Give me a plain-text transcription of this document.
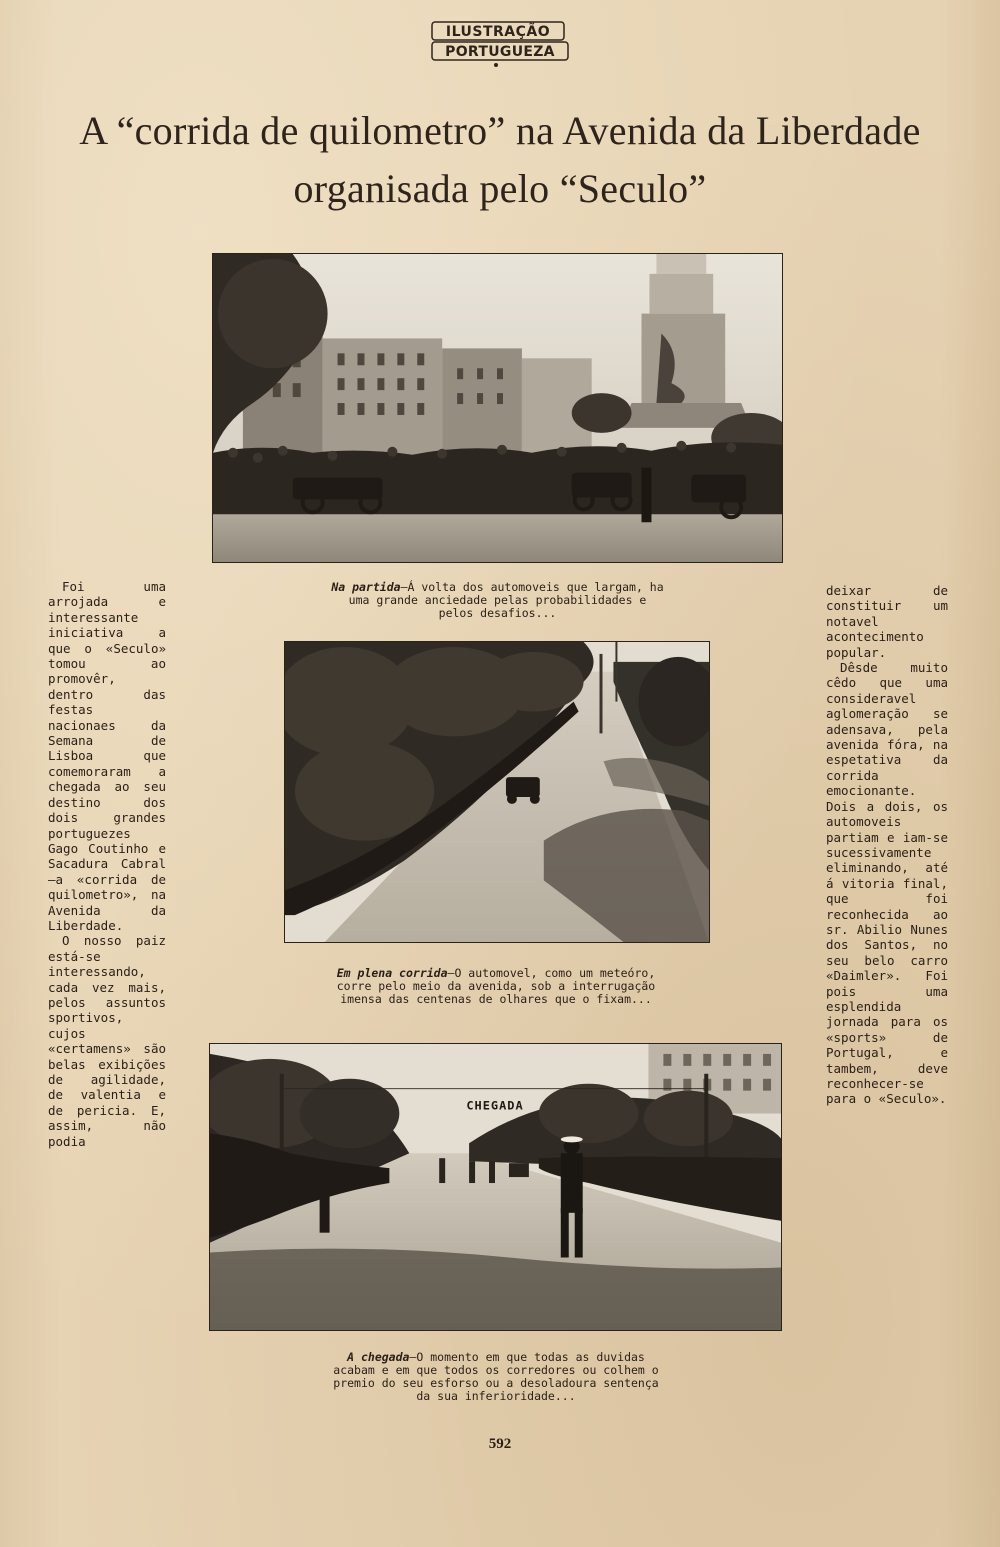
ILUSTRAÇÃO
PORTUGUEZA
A “corrida de quilometro” na Avenida da Liberdade
organisada pelo “Seculo”
Na partida—Á volta dos automoveis que largam, ha uma grande anciedade pelas probabilidades e pelos desafios...
Em plena corrida—O automovel, como um meteóro, corre pelo meio da avenida, sob a interrugação imensa das centenas de olhares que o fixam...
CHEGADA
A chegada—O momento em que todas as duvidas acabam e em que todos os corredores ou colhem o premio do seu esforso ou a desoladoura sentença da sua inferioridade...

Foi uma arrojada e interessante iniciativa a que o «Seculo» tomou ao promovêr, dentro das festas nacionaes da Semana de Lisboa que comemoraram a chegada ao seu destino dos dois grandes portuguezes Gago Coutinho e Sacadura Cabral —a «corrida de quilometro», na Avenida da Liberdade.

O nosso paiz está-se interessando, cada vez mais, pelos assuntos sportivos, cujos «certamens» são belas exibições de agilidade, de valentia e de pericia. E, assim, não podia

deixar de constituir um notavel acontecimento popular.

Dêsde muito cêdo que uma consideravel aglomeração se adensava, pela avenida fóra, na espetativa da corrida emocionante. Dois a dois, os automoveis partiam e iam-se sucessivamente eliminando, até á vitoria final, que foi reconhecida ao sr. Abilio Nunes dos Santos, no seu belo carro «Daimler». Foi pois uma esplendida jornada para os «sports» de Portugal, e tambem, deve reconhecer-se para o «Seculo».

592
